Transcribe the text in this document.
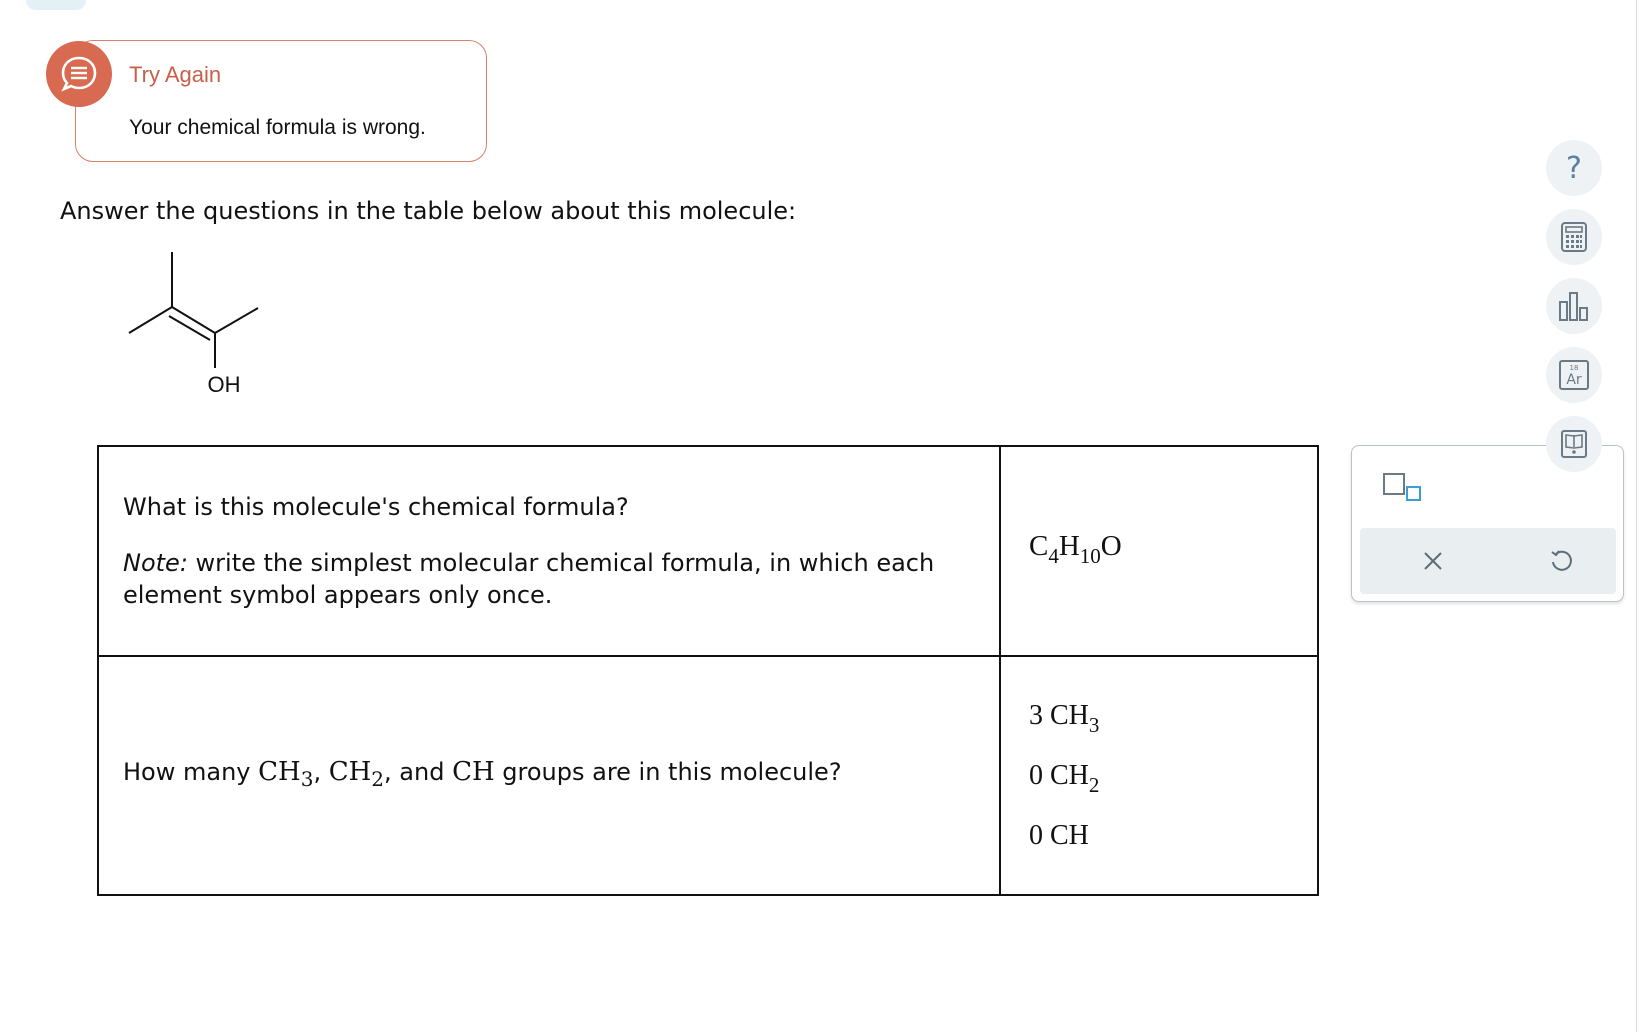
Try Again
Your chemical formula is wrong.
Answer the questions in the table below about this molecule:
OH

What is this molecule's chemical formula?

Note: write the simplest molecular chemical formula, in which each element symbol appears only once.	$C_4H_{10}O$

How many $CH_3$, $CH_2$, and CH groups are in this molecule?	3 $CH_3$
0 $CH_2$
0 CH
?
18
Ar
